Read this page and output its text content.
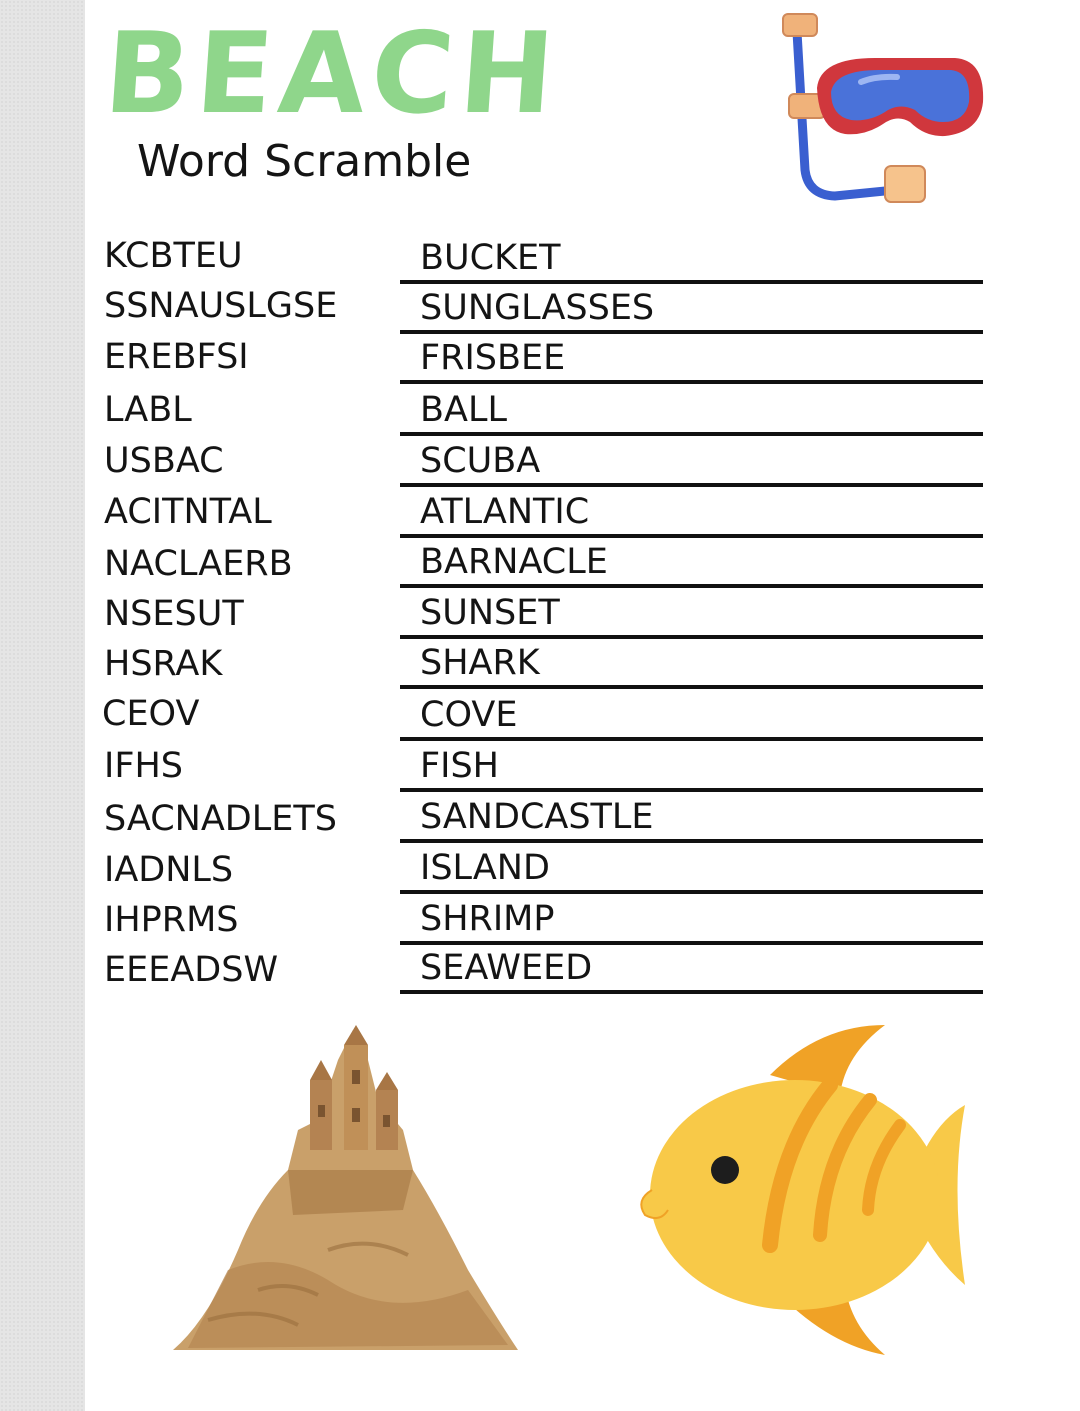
BEACH
Word Scramble
KCBTEU
SSNAUSLGSE
EREBFSI
LABL
USBAC
ACITNTAL
NACLAERB
NSESUT
HSRAK
CEOV
IFHS
SACNADLETS
IADNLS
IHPRMS
EEEADSW
BUCKET
SUNGLASSES
FRISBEE
BALL
SCUBA
ATLANTIC
BARNACLE
SUNSET
SHARK
COVE
FISH
SANDCASTLE
ISLAND
SHRIMP
SEAWEED
